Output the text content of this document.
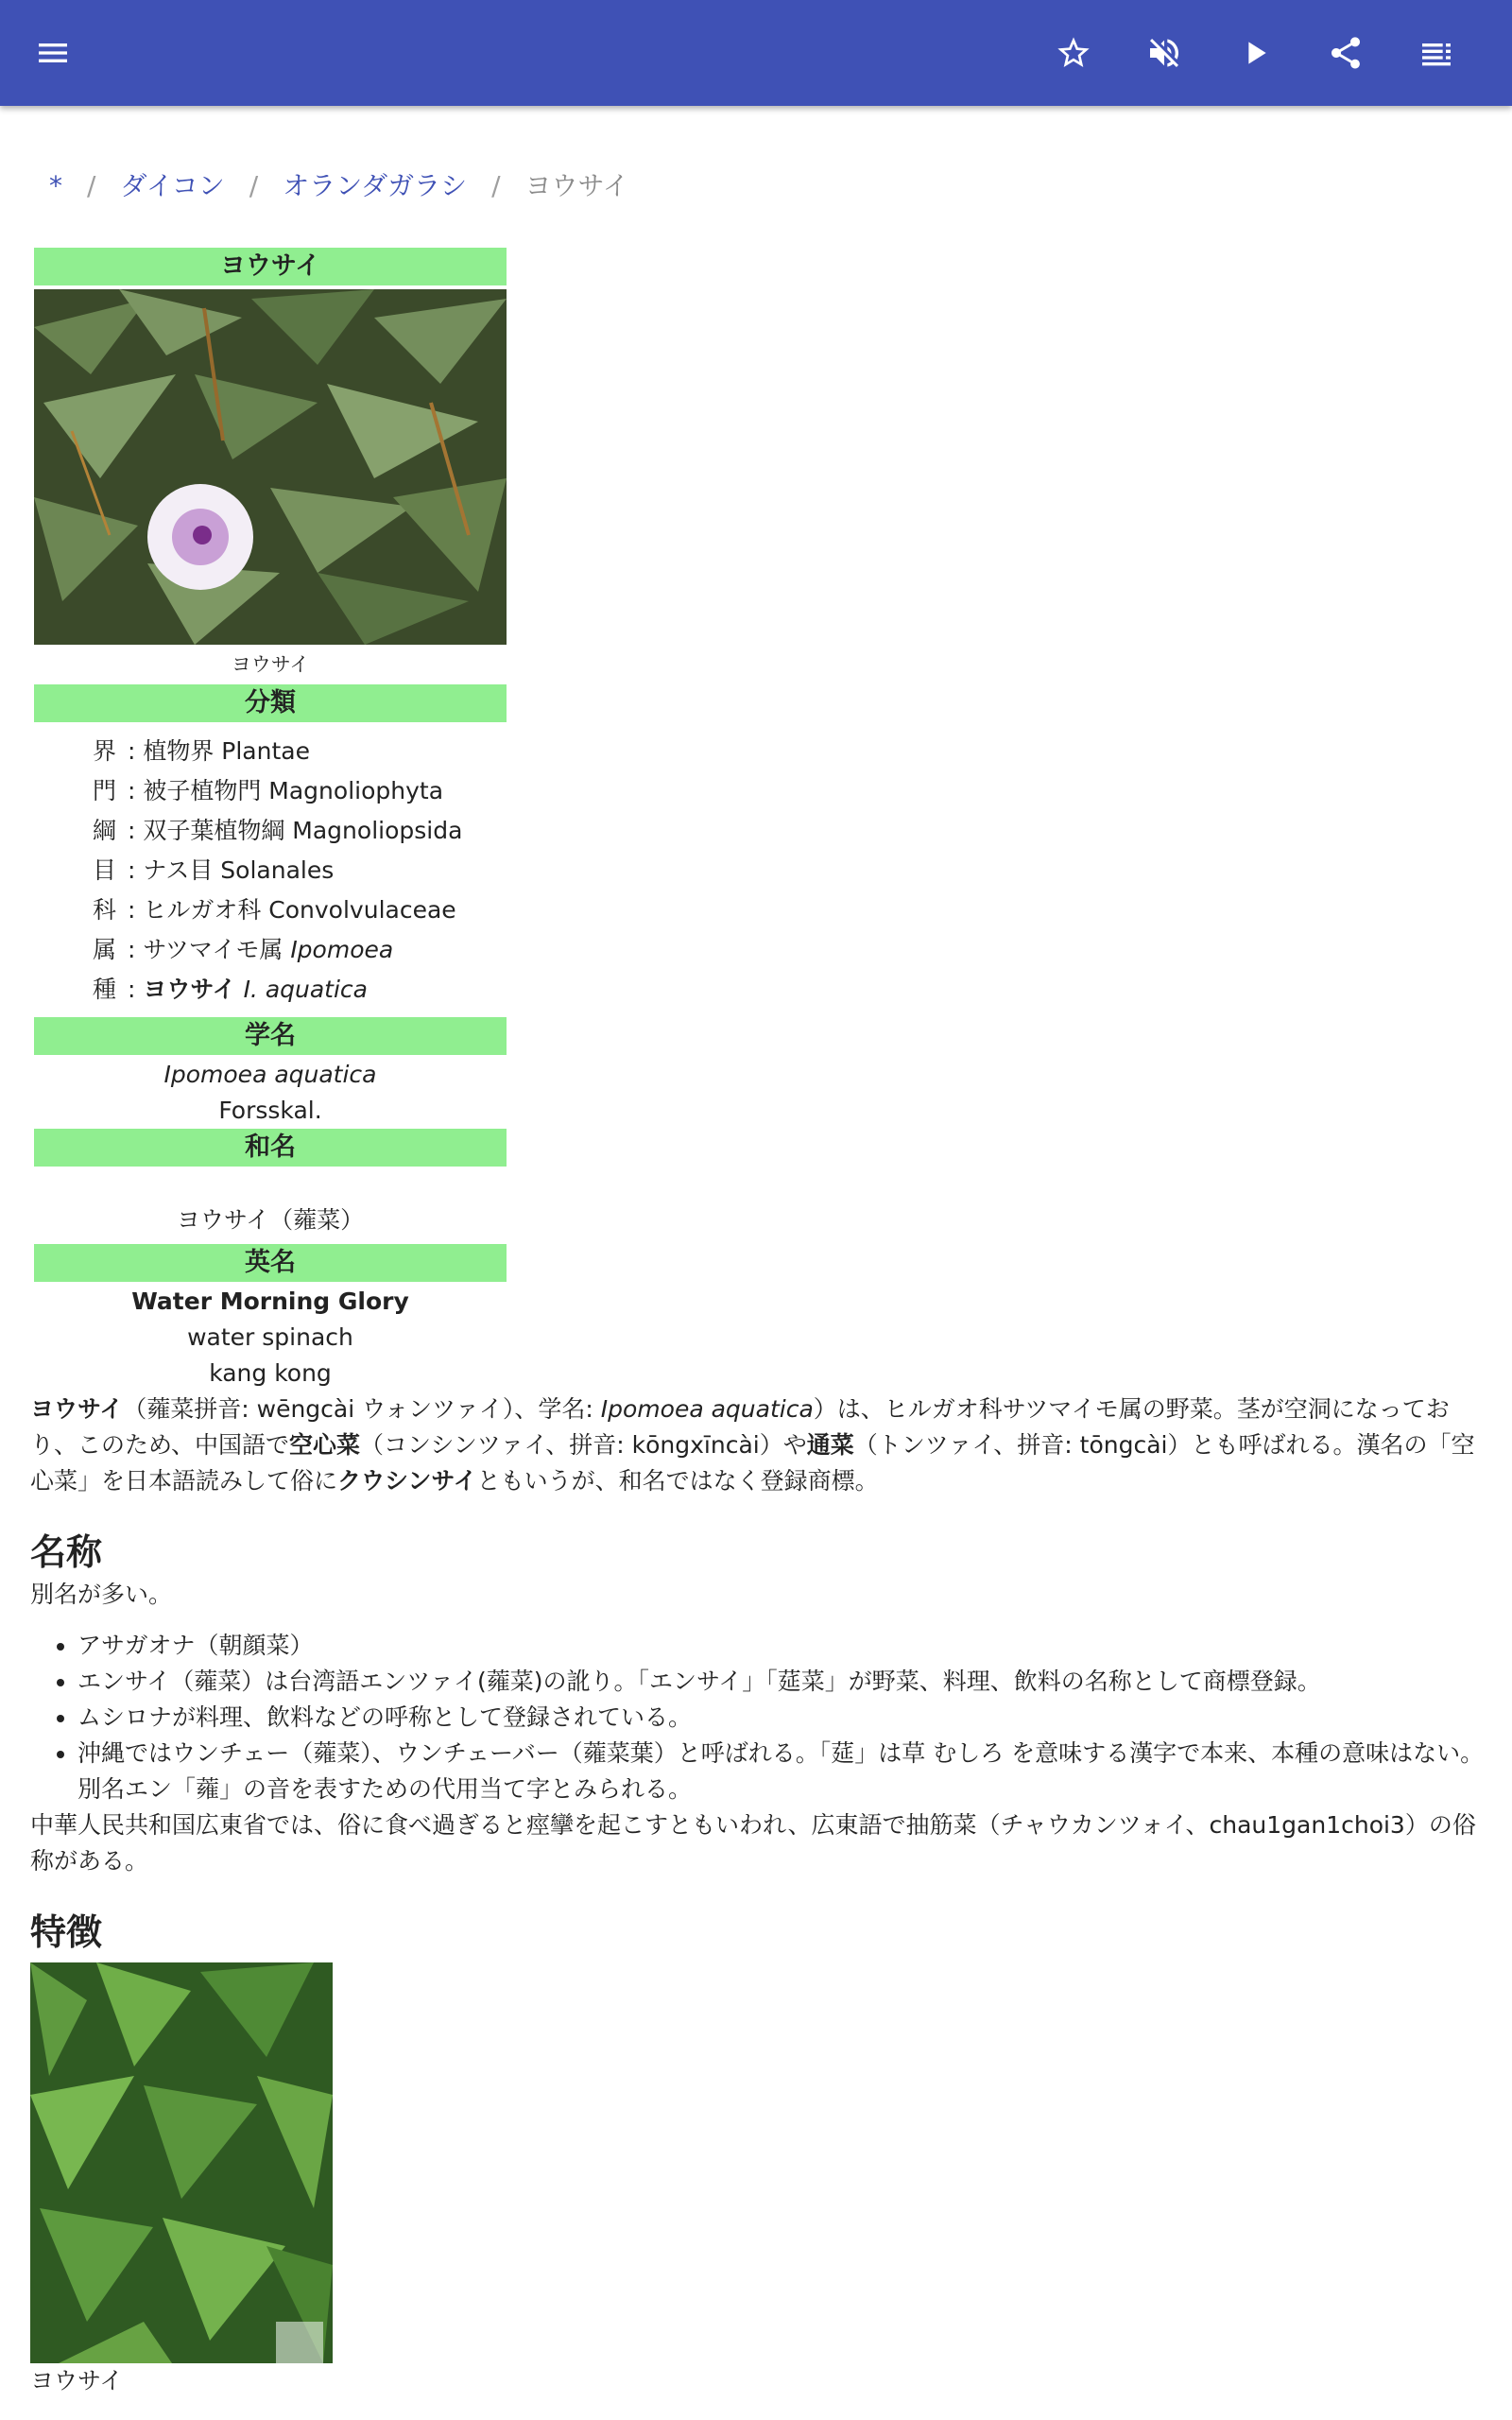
* / ダイコン / オランダガラシ / ヨウサイ
ヨウサイ
ヨウサイ
分類
界 : 植物界 Plantae
門 : 被子植物門 Magnoliophyta
綱 : 双子葉植物綱 Magnoliopsida
目 : ナス目 Solanales
科 : ヒルガオ科 Convolvulaceae
属 : サツマイモ属 Ipomoea
種 : ヨウサイ I. aquatica
学名
Ipomoea aquatica
Forsskal.
和名
ヨウサイ（蕹菜）
英名
Water Morning Glory
water spinach
kang kong

ヨウサイ（蕹菜拼音: wēngcài ウォンツァイ）、学名: Ipomoea aquatica）は、ヒルガオ科サツマイモ属の野菜。茎が空洞になっており、このため、中国語で空心菜（コンシンツァイ、拼音: kōngxīncài）や通菜（トンツァイ、拼音: tōngcài）とも呼ばれる。漢名の「空心菜」を日本語読みして俗にクウシンサイともいうが、和名ではなく登録商標。

名称

別名が多い。

• アサガオナ（朝顔菜）
• エンサイ（蕹菜）は台湾語エンツァイ(蕹菜)の訛り。「エンサイ」「莚菜」が野菜、料理、飲料の名称として商標登録。
• ムシロナが料理、飲料などの呼称として登録されている。
• 沖縄ではウンチェー（蕹菜）、ウンチェーバー（蕹菜葉）と呼ばれる。「莚」は草 むしろ を意味する漢字で本来、本種の意味はない。別名エン「蕹」の音を表すための代用当て字とみられる。

中華人民共和国広東省では、俗に食べ過ぎると痙攣を起こすともいわれ、広東語で抽筋菜（チャウカンツォイ、chau1gan1choi3）の俗称がある。

特徴
ヨウサイ
